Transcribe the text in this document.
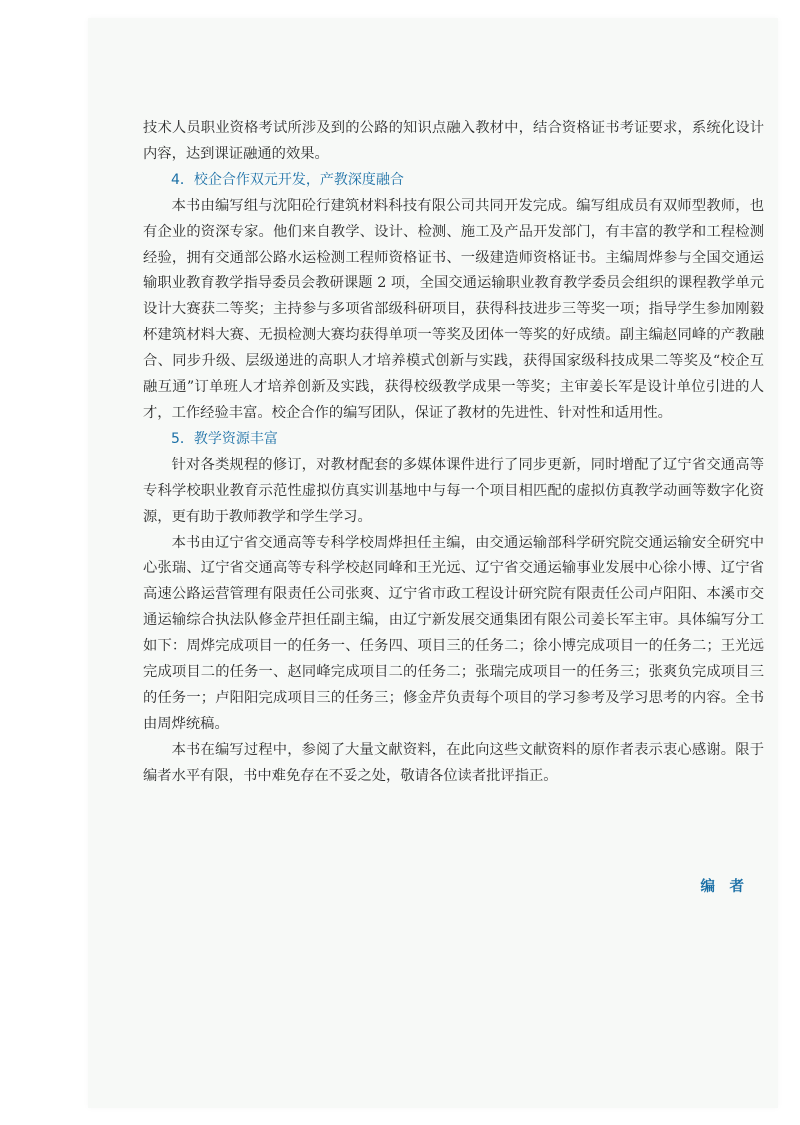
技术人员职业资格考试所涉及到的公路的知识点融入教材中，结合资格证书考证要求，系统化设计内容，达到课证融通的效果。

4．校企合作双元开发，产教深度融合

本书由编写组与沈阳砼行建筑材料科技有限公司共同开发完成。编写组成员有双师型教师，也有企业的资深专家。他们来自教学、设计、检测、施工及产品开发部门，有丰富的教学和工程检测经验，拥有交通部公路水运检测工程师资格证书、一级建造师资格证书。主编周烨参与全国交通运输职业教育教学指导委员会教研课题 2 项，全国交通运输职业教育教学委员会组织的课程教学单元设计大赛获二等奖；主持参与多项省部级科研项目，获得科技进步三等奖一项；指导学生参加刚毅杯建筑材料大赛、无损检测大赛均获得单项一等奖及团体一等奖的好成绩。副主编赵同峰的产教融合、同步升级、层级递进的高职人才培养模式创新与实践，获得国家级科技成果二等奖及“校企互融互通”订单班人才培养创新及实践，获得校级教学成果一等奖；主审姜长军是设计单位引进的人才，工作经验丰富。校企合作的编写团队，保证了教材的先进性、针对性和适用性。

5．教学资源丰富

针对各类规程的修订，对教材配套的多媒体课件进行了同步更新，同时增配了辽宁省交通高等专科学校职业教育示范性虚拟仿真实训基地中与每一个项目相匹配的虚拟仿真教学动画等数字化资源，更有助于教师教学和学生学习。

本书由辽宁省交通高等专科学校周烨担任主编，由交通运输部科学研究院交通运输安全研究中心张瑞、辽宁省交通高等专科学校赵同峰和王光远、辽宁省交通运输事业发展中心徐小博、辽宁省高速公路运营管理有限责任公司张爽、辽宁省市政工程设计研究院有限责任公司卢阳阳、本溪市交通运输综合执法队修金芹担任副主编，由辽宁新发展交通集团有限公司姜长军主审。具体编写分工如下：周烨完成项目一的任务一、任务四、项目三的任务二；徐小博完成项目一的任务二；王光远完成项目二的任务一、赵同峰完成项目二的任务二；张瑞完成项目一的任务三；张爽负完成项目三的任务一；卢阳阳完成项目三的任务三；修金芹负责每个项目的学习参考及学习思考的内容。全书由周烨统稿。

本书在编写过程中，参阅了大量文献资料，在此向这些文献资料的原作者表示衷心感谢。限于编者水平有限，书中难免存在不妥之处，敬请各位读者批评指正。

编　者
